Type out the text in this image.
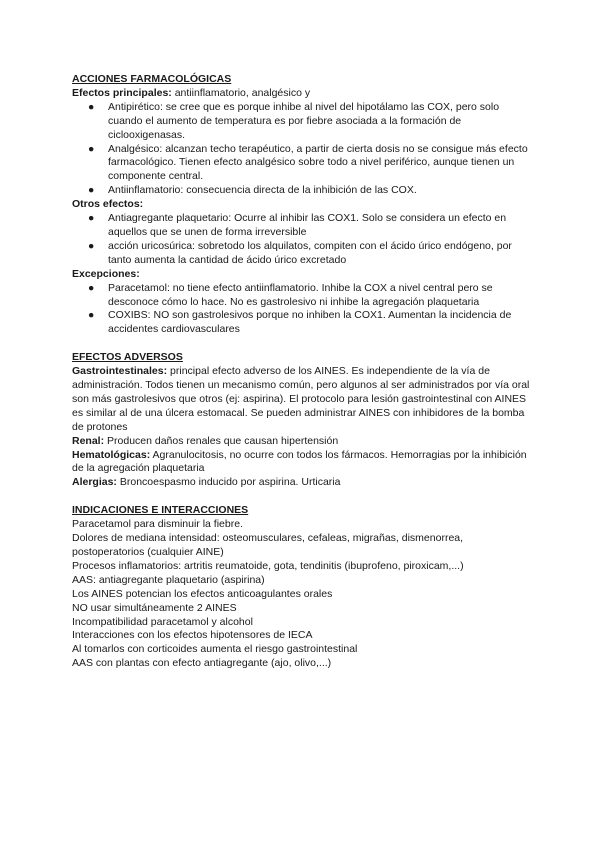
ACCIONES FARMACOLÓGICAS

Efectos principales: antiinflamatorio, analgésico y

● Antipirético: se cree que es porque inhibe al nivel del hipotálamo las COX, pero solo cuando el aumento de temperatura es por fiebre asociada a la formación de ciclooxigenasas.
● Analgésico: alcanzan techo terapéutico, a partir de cierta dosis no se consigue más efecto farmacológico. Tienen efecto analgésico sobre todo a nivel periférico, aunque tienen un componente central.
● Antiinflamatorio: consecuencia directa de la inhibición de las COX.

Otros efectos:

● Antiagregante plaquetario: Ocurre al inhibir las COX1. Solo se considera un efecto en aquellos que se unen de forma irreversible
● acción uricosúrica: sobretodo los alquilatos, compiten con el ácido úrico endógeno, por tanto aumenta la cantidad de ácido úrico excretado

Excepciones:

● Paracetamol: no tiene efecto antiinflamatorio. Inhibe la COX a nivel central pero se desconoce cómo lo hace. No es gastrolesivo ni inhibe la agregación plaquetaria
● COXIBS: NO son gastrolesivos porque no inhiben la COX1. Aumentan la incidencia de accidentes cardiovasculares
EFECTOS ADVERSOS

Gastrointestinales: principal efecto adverso de los AINES. Es independiente de la vía de administración. Todos tienen un mecanismo común, pero algunos al ser administrados por vía oral son más gastrolesivos que otros (ej: aspirina). El protocolo para lesión gastrointestinal con AINES es similar al de una úlcera estomacal. Se pueden administrar AINES con inhibidores de la bomba de protones

Renal: Producen daños renales que causan hipertensión

Hematológicas: Agranulocitosis, no ocurre con todos los fármacos. Hemorragias por la inhibición de la agregación plaquetaria

Alergias: Broncoespasmo inducido por aspirina. Urticaria

INDICACIONES E INTERACCIONES

Paracetamol para disminuir la fiebre.

Dolores de mediana intensidad: osteomusculares, cefaleas, migrañas, dismenorrea, postoperatorios (cualquier AINE)

Procesos inflamatorios: artritis reumatoide, gota, tendinitis (ibuprofeno, piroxicam,...)

AAS: antiagregante plaquetario (aspirina)

Los AINES potencian los efectos anticoagulantes orales

NO usar simultáneamente 2 AINES

Incompatibilidad paracetamol y alcohol

Interacciones con los efectos hipotensores de IECA

Al tomarlos con corticoides aumenta el riesgo gastrointestinal

AAS con plantas con efecto antiagregante (ajo, olivo,...)
